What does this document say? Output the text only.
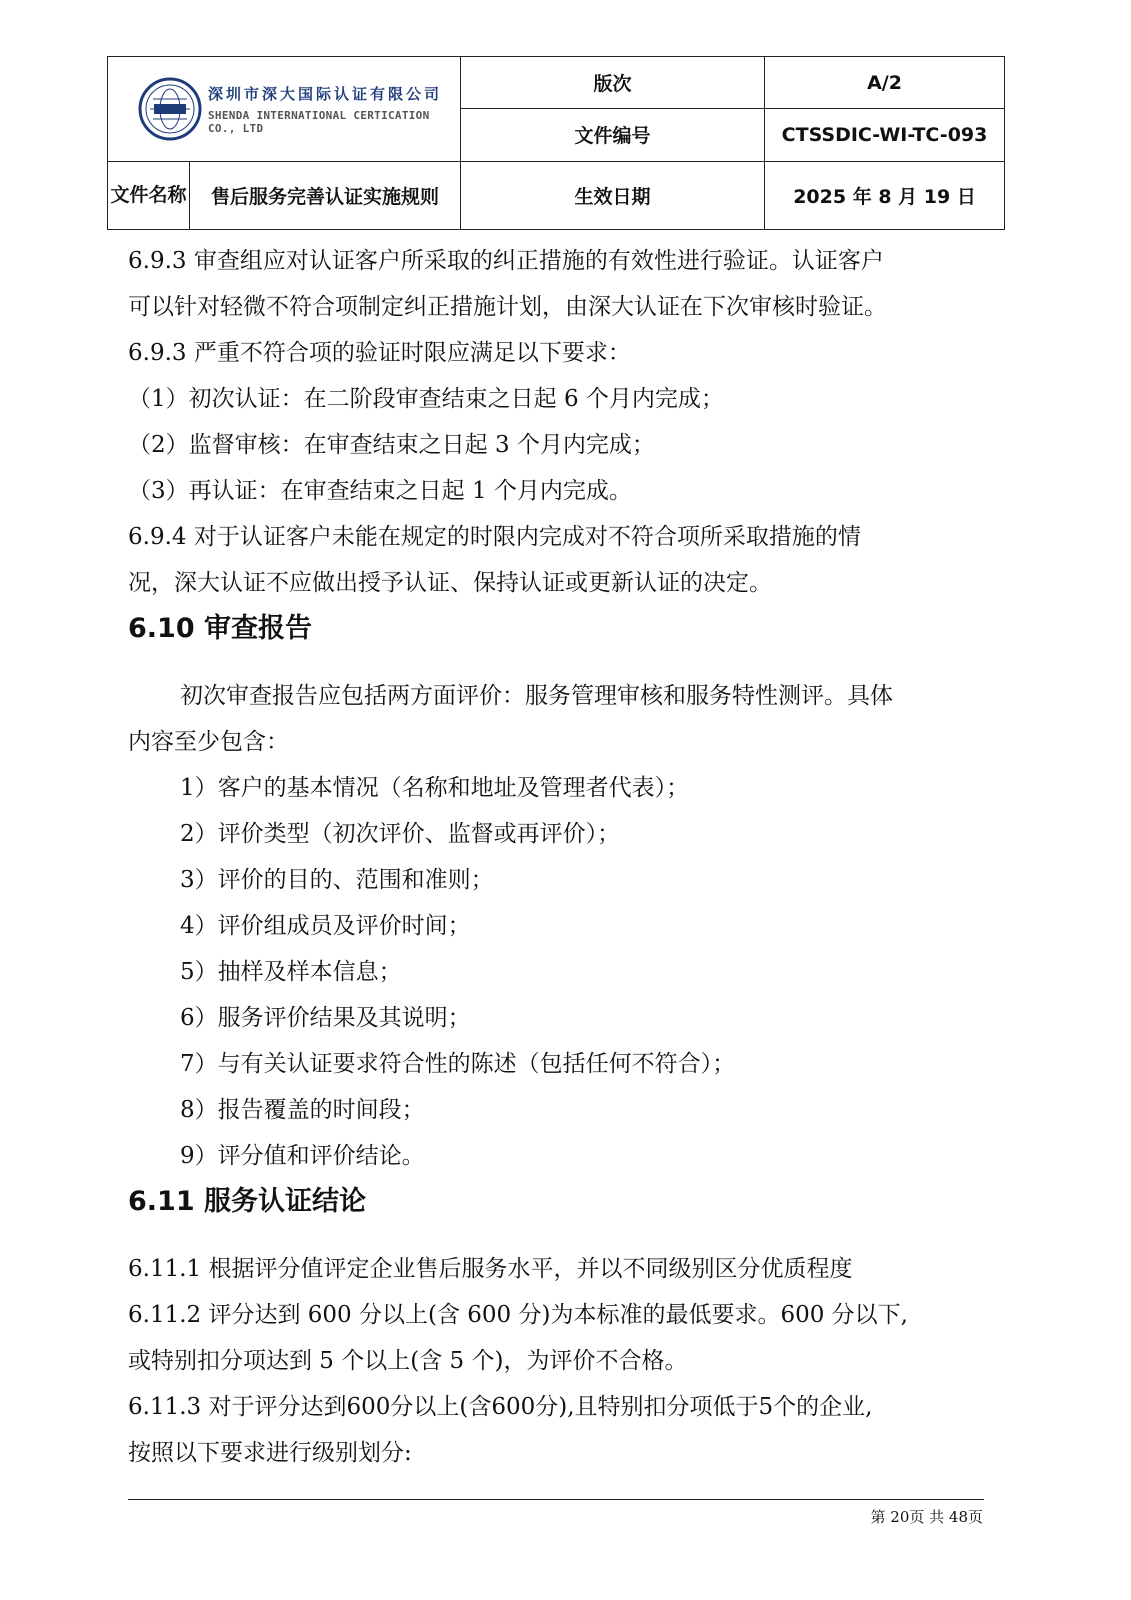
深圳市深大国际认证有限公司
SHENDA INTERNATIONAL CERTICATION CO., LTD		版次	A/2
		文件编号	CTSSDIC-WI-TC-093
文件名称	售后服务完善认证实施规则	生效日期	2025 年 8 月 19 日

6.9.3 审查组应对认证客户所采取的纠正措施的有效性进行验证。认证客户

可以针对轻微不符合项制定纠正措施计划，由深大认证在下次审核时验证。

6.9.3 严重不符合项的验证时限应满足以下要求：

（1）初次认证：在二阶段审查结束之日起 6 个月内完成；

（2）监督审核：在审查结束之日起 3 个月内完成；

（3）再认证：在审查结束之日起 1 个月内完成。

6.9.4 对于认证客户未能在规定的时限内完成对不符合项所采取措施的情

况，深大认证不应做出授予认证、保持认证或更新认证的决定。

6.10 审查报告

初次审查报告应包括两方面评价：服务管理审核和服务特性测评。具体

内容至少包含：

1）客户的基本情况（名称和地址及管理者代表）；

2）评价类型（初次评价、监督或再评价）；

3）评价的目的、范围和准则；

4）评价组成员及评价时间；

5）抽样及样本信息；

6）服务评价结果及其说明；

7）与有关认证要求符合性的陈述（包括任何不符合）；

8）报告覆盖的时间段；

9）评分值和评价结论。

6.11 服务认证结论

6.11.1 根据评分值评定企业售后服务水平，并以不同级别区分优质程度

6.11.2 评分达到 600 分以上(含 600 分)为本标准的最低要求。600 分以下,

或特别扣分项达到 5 个以上(含 5 个)，为评价不合格。

6.11.3 对于评分达到600分以上(含600分),且特别扣分项低于5个的企业,

按照以下要求进行级别划分:

第 20页 共 48页
